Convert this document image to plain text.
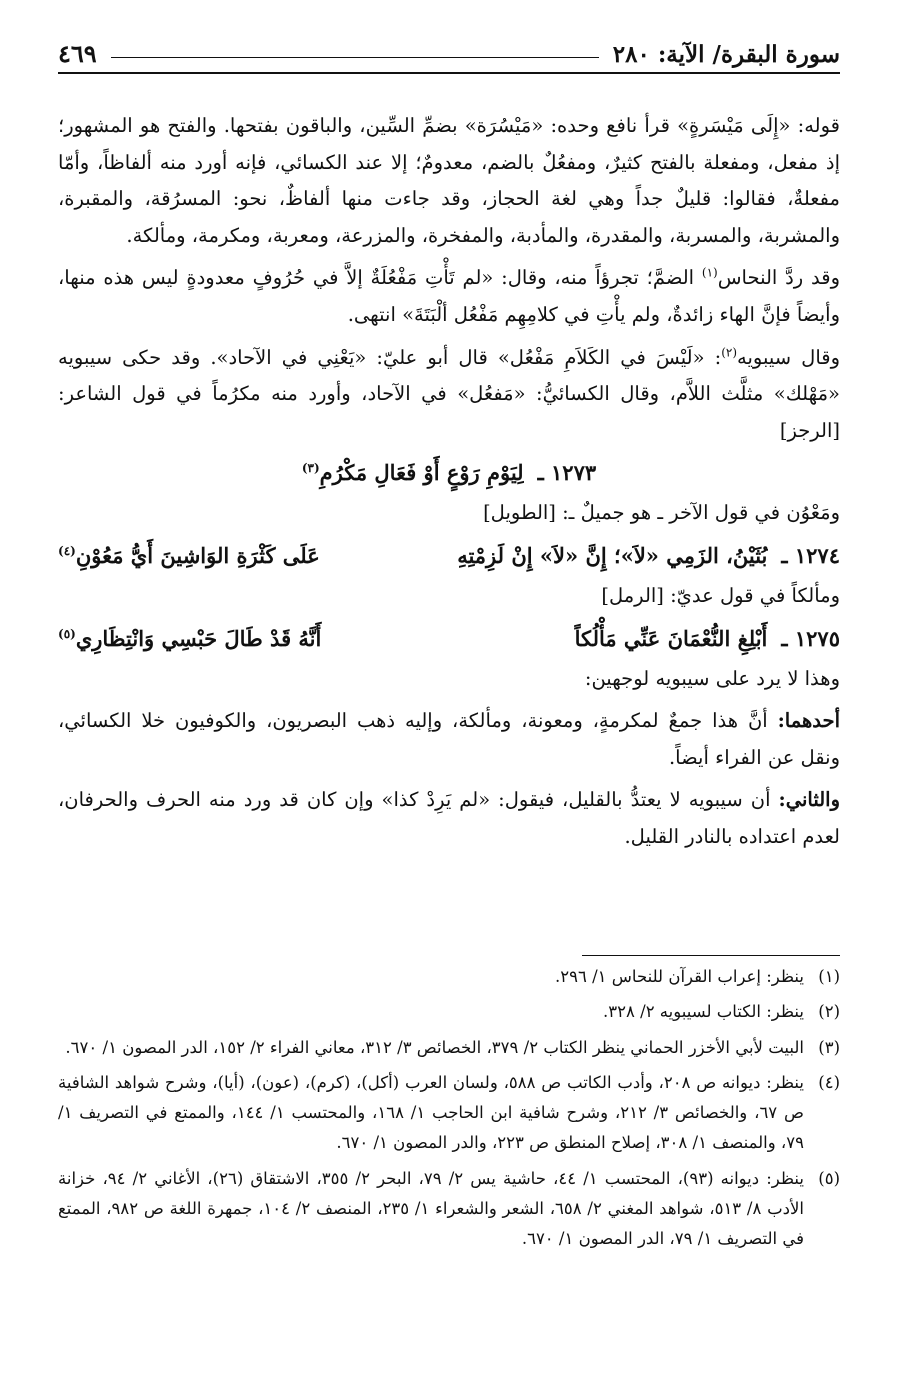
سورة البقرة/ الآية: ٢٨٠
٤٦٩

قوله: «إِلَى مَيْسَرةٍ» قرأ نافع وحده: «مَيْسُرَة» بضمِّ السِّين، والباقون بفتحها. والفتح هو المشهور؛ إذ مفعل، ومفعلة بالفتح كثيرٌ، ومفعُلٌ بالضم، معدومٌ؛ إلا عند الكسائي، فإنه أورد منه ألفاظاً، وأمّا مفعلةٌ، فقالوا: قليلٌ جداً وهي لغة الحجاز، وقد جاءت منها ألفاظٌ، نحو: المسرُقة، والمقبرة، والمشربة، والمسربة، والمقدرة، والمأدبة، والمفخرة، والمزرعة، ومعربة، ومكرمة، ومألكة.

وقد ردَّ النحاس$^{(١)}$ الضمَّ؛ تجرؤاً منه، وقال: «لم تَأْتِ مَفْعُلَةٌ إلاَّ في حُرُوفٍ معدودةٍ ليس هذه منها، وأيضاً فإنَّ الهاء زائدةٌ، ولم يأْتِ في كلامِهِم مَفْعُل ألْبَتَةَ» انتهى.

وقال سيبويه$^{(٢)}$: «لَيْسَ في الكَلاَمِ مَفْعُل» قال أبو عليّ: «يَعْنِي في الآحاد». وقد حكى سيبويه «مَهْلك» مثلَّث اللاَّم، وقال الكسائيُّ: «مَفعُل» في الآحاد، وأورد منه مكرُماً في قول الشاعر: [الرجز]

١٢٧٣ ـ
لِيَوْمِ رَوْعٍ أَوْ فَعَالِ مَكْرُمِ$^{(٣)}$

ومَعْوُن في قول الآخر ـ هو جميلٌ ـ: [الطويل]

١٢٧٤ ـ
بُثَيْنُ، الزَمِي «لاَ»؛ إِنَّ «لاَ» إِنْ لَزِمْتِهِ
عَلَى كَثْرَةِ الوَاشِينَ أَيُّ مَعُوْنِ$^{(٤)}$

ومألكاً في قول عديّ: [الرمل]

١٢٧٥ ـ
أَبْلِغِ النُّعْمَانَ عَنِّي مَأْلُكاً
أَنَّهُ قَدْ طَالَ حَبْسِي وَانْتِظَارِي$^{(٥)}$

وهذا لا يرد على سيبويه لوجهين:

أحدهما: أنَّ هذا جمعٌ لمكرمةٍ، ومعونة، ومألكة، وإليه ذهب البصريون، والكوفيون خلا الكسائي، ونقل عن الفراء أيضاً.

والثاني: أن سيبويه لا يعتدُّ بالقليل، فيقول: «لم يَرِدْ كذا» وإن كان قد ورد منه الحرف والحرفان، لعدم اعتداده بالنادر القليل.

(١)
ينظر: إعراب القرآن للنحاس ١/ ٢٩٦.
(٢)
ينظر: الكتاب لسيبويه ٢/ ٣٢٨.
(٣)
البيت لأبي الأخزر الحماني ينظر الكتاب ٢/ ٣٧٩، الخصائص ٣/ ٣١٢، معاني الفراء ٢/ ١٥٢، الدر المصون ١/ ٦٧٠.
(٤)
ينظر: ديوانه ص ٢٠٨، وأدب الكاتب ص ٥٨٨، ولسان العرب (أكل)، (كرم)، (عون)، (أيا)، وشرح شواهد الشافية ص ٦٧، والخصائص ٣/ ٢١٢، وشرح شافية ابن الحاجب ١/ ١٦٨، والمحتسب ١/ ١٤٤، والممتع في التصريف ١/ ٧٩، والمنصف ١/ ٣٠٨، إصلاح المنطق ص ٢٢٣، والدر المصون ١/ ٦٧٠.
(٥)
ينظر: ديوانه (٩٣)، المحتسب ١/ ٤٤، حاشية يس ٢/ ٧٩، البحر ٢/ ٣٥٥، الاشتقاق (٢٦)، الأغاني ٢/ ٩٤، خزانة الأدب ٨/ ٥١٣، شواهد المغني ٢/ ٦٥٨، الشعر والشعراء ١/ ٢٣٥، المنصف ٢/ ١٠٤، جمهرة اللغة ص ٩٨٢، الممتع في التصريف ١/ ٧٩، الدر المصون ١/ ٦٧٠.
